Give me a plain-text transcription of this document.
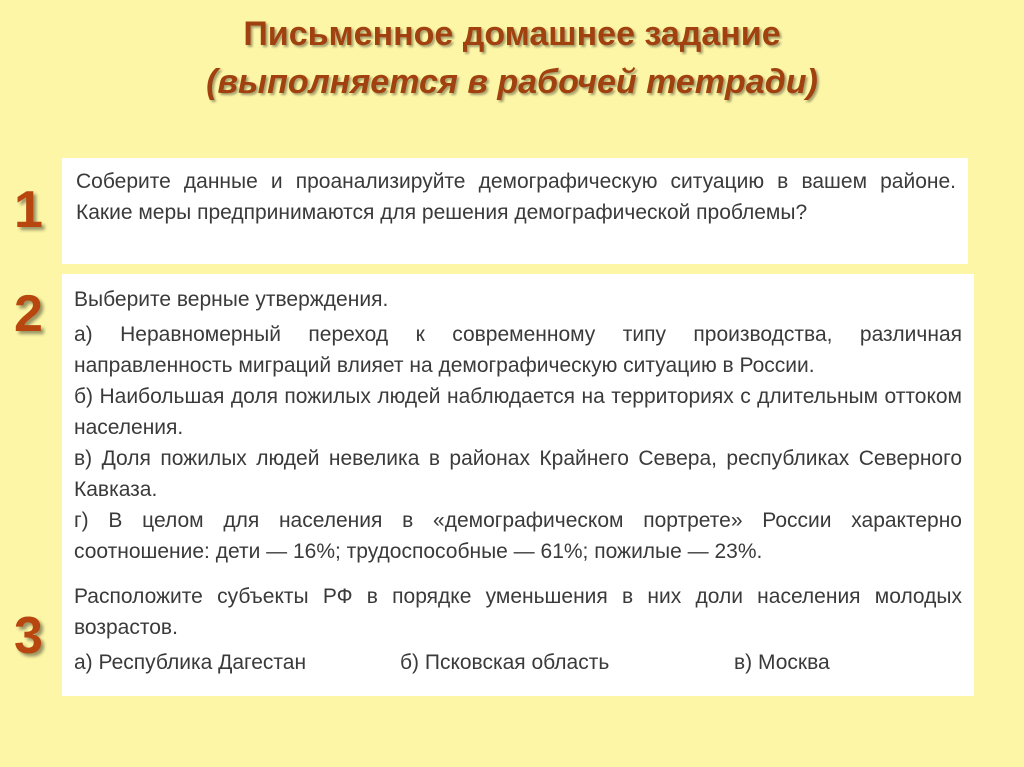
Письменное домашнее задание
(выполняется в рабочей тетради)
1
2
3

Соберите данные и проанализируйте демографическую ситуацию в вашем районе. Какие меры предпринимаются для решения демографической проблемы?

Выберите верные утверждения.

а) Неравномерный переход к современному типу производства, различная направленность миграций влияет на демографическую ситуацию в России.

б) Наибольшая доля пожилых людей наблюдается на территориях с длительным оттоком населения.

в) Доля пожилых людей невелика в районах Крайнего Севера, республиках Северного Кавказа.

г) В целом для населения в «демографическом портрете» России характерно соотношение: дети — 16%; трудоспособные — 61%; пожилые — 23%.

Расположите субъекты РФ в порядке уменьшения в них доли населения молодых возрастов.

а) Республика Дагестан	б) Псковская область	в) Москва
